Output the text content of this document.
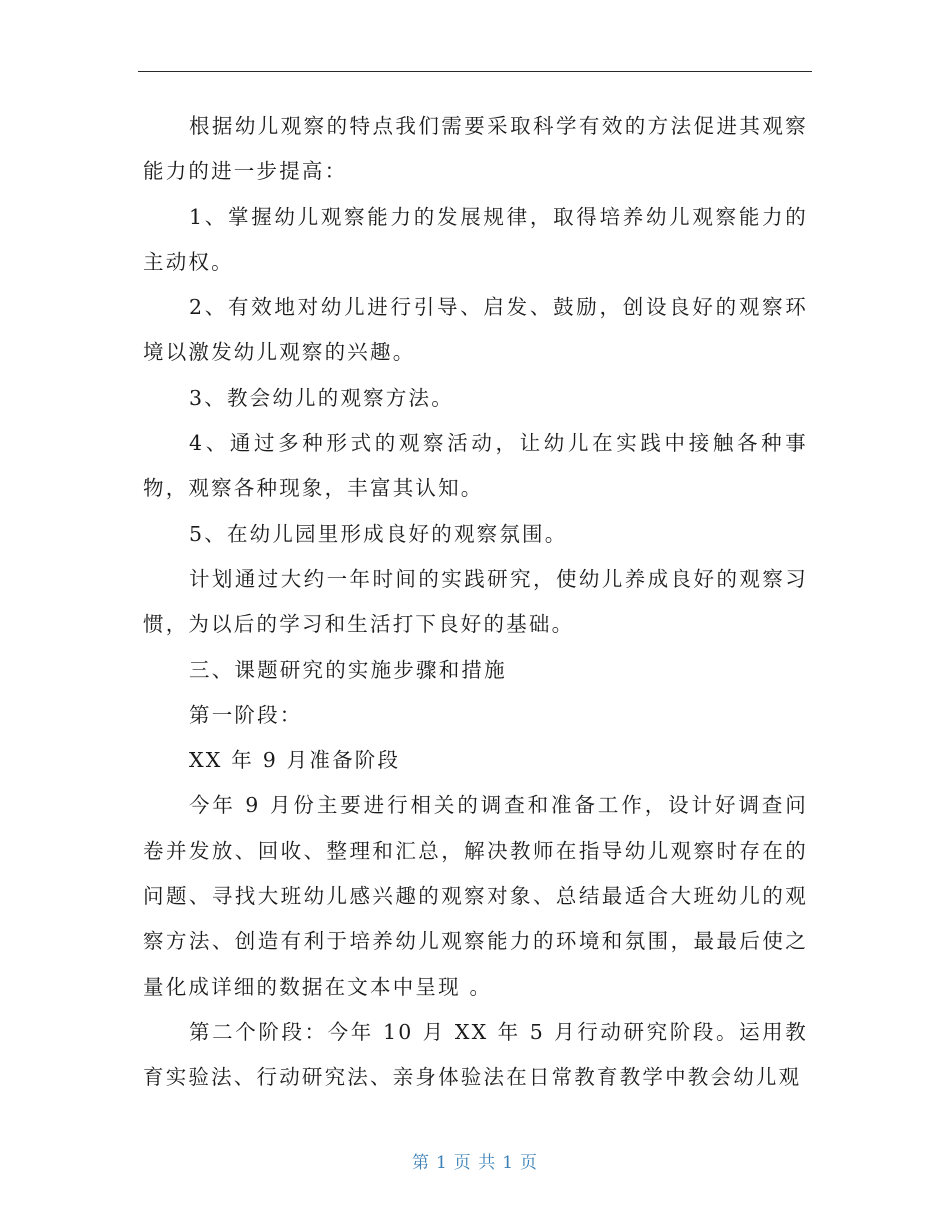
根据幼儿观察的特点我们需要采取科学有效的方法促进其观察能力的进一步提高：

1、掌握幼儿观察能力的发展规律，取得培养幼儿观察能力的主动权。

2、有效地对幼儿进行引导、启发、鼓励，创设良好的观察环境以激发幼儿观察的兴趣。

3、教会幼儿的观察方法。

4、通过多种形式的观察活动，让幼儿在实践中接触各种事物，观察各种现象，丰富其认知。

5、在幼儿园里形成良好的观察氛围。

计划通过大约一年时间的实践研究，使幼儿养成良好的观察习惯，为以后的学习和生活打下良好的基础。

三、课题研究的实施步骤和措施

第一阶段：

XX 年 9 月准备阶段

今年 9 月份主要进行相关的调查和准备工作，设计好调查问卷并发放、回收、整理和汇总，解决教师在指导幼儿观察时存在的问题、寻找大班幼儿感兴趣的观察对象、总结最适合大班幼儿的观察方法、创造有利于培养幼儿观察能力的环境和氛围，最最后使之量化成详细的数据在文本中呈现 。

第二个阶段：今年 10 月 XX 年 5 月行动研究阶段。运用教育实验法、行动研究法、亲身体验法在日常教育教学中教会幼儿观

第 1 页 共 1 页
